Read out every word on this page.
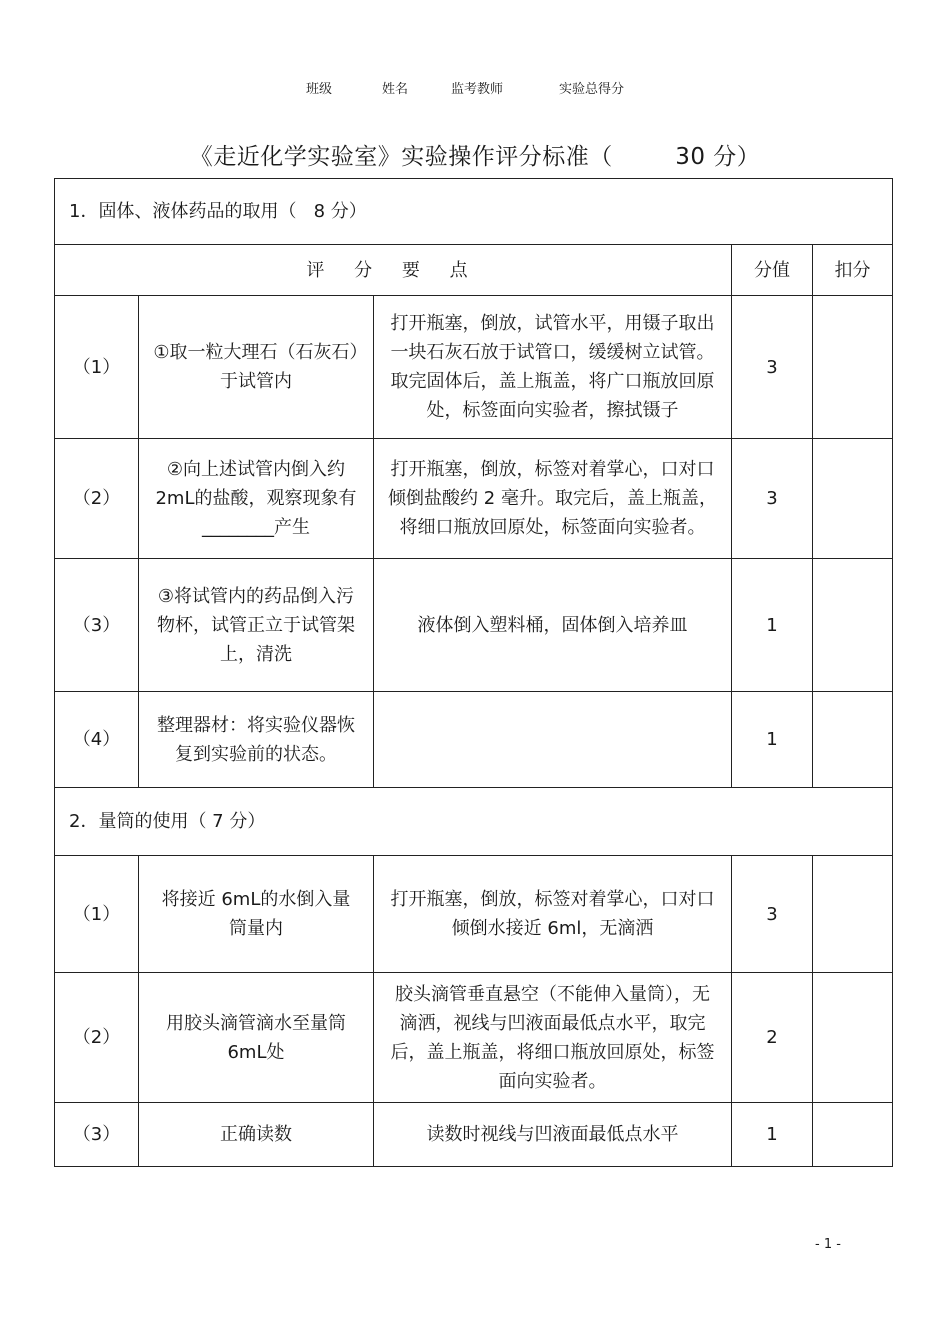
班级	姓名	监考教师	实验总得分
《走近化学实验室》实验操作评分标准（        30 分）
1．固体、液体药品的取用（   8 分）				
评 分 要 点			分值	扣分
（1）	①取一粒大理石（石灰石）于试管内	打开瓶塞，倒放，试管水平，用镊子取出一块石灰石放于试管口，缓缓树立试管。取完固体后，盖上瓶盖，将广口瓶放回原处，标签面向实验者，擦拭镊子	3	
（2）	②向上述试管内倒入约 2mL的盐酸，观察现象有________产生	打开瓶塞，倒放，标签对着掌心，口对口倾倒盐酸约 2 毫升。取完后，盖上瓶盖，将细口瓶放回原处，标签面向实验者。	3	
（3）	③将试管内的药品倒入污物杯，试管正立于试管架上，清洗	液体倒入塑料桶，固体倒入培养皿	1	
（4）	整理器材：将实验仪器恢复到实验前的状态。		1	
2．量筒的使用（ 7 分）				
（1）	将接近 6mL的水倒入量筒量内	打开瓶塞，倒放，标签对着掌心，口对口倾倒水接近 6ml，无滴洒	3	
（2）	用胶头滴管滴水至量筒 6mL处	胶头滴管垂直悬空（不能伸入量筒），无滴洒，视线与凹液面最低点水平，取完后，盖上瓶盖，将细口瓶放回原处，标签面向实验者。	2	
（3）	正确读数	读数时视线与凹液面最低点水平	1	
- 1 -
